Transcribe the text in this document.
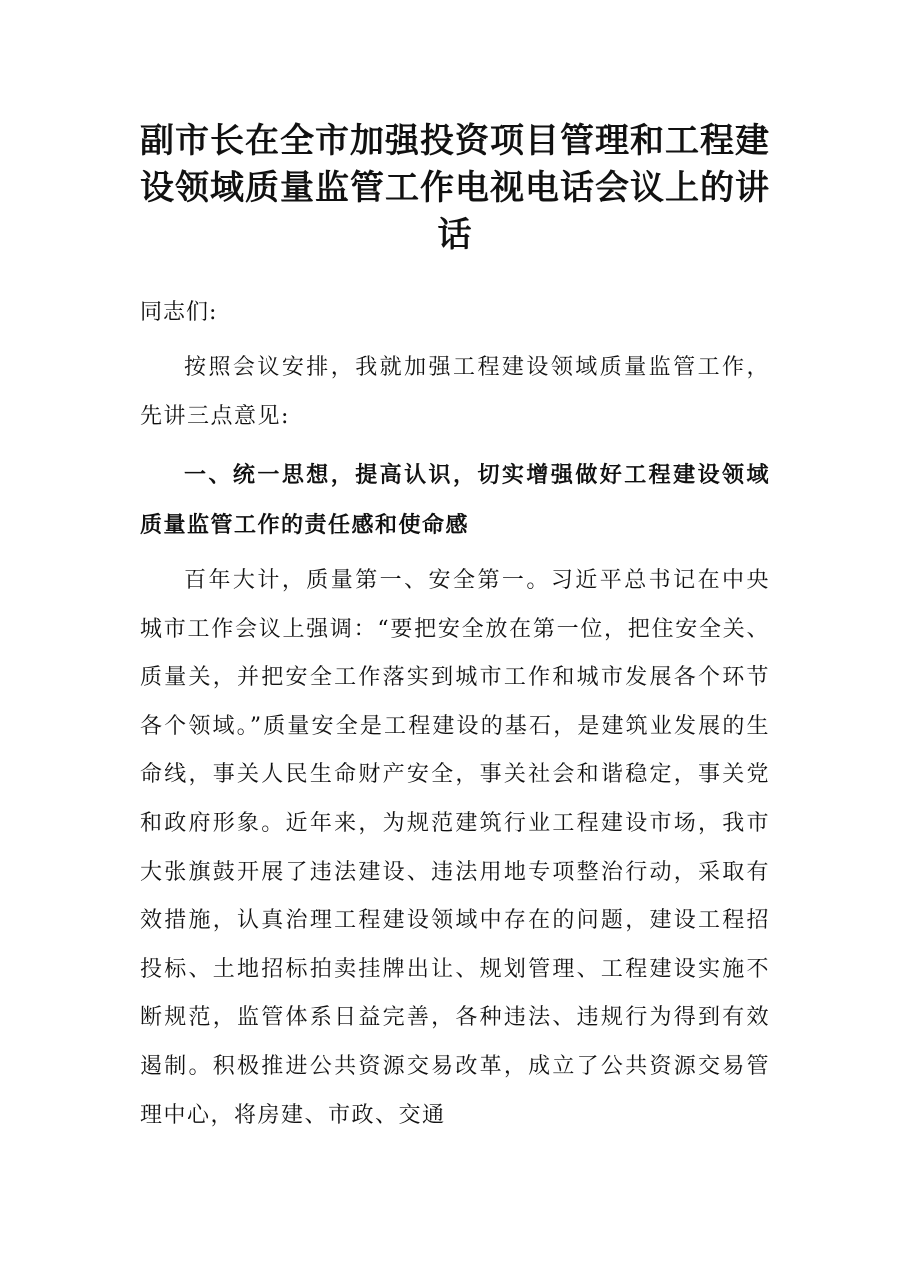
副市长在全市加强投资项目管理和工程建设领域质量监管工作电视电话会议上的讲话

同志们:

按照会议安排，我就加强工程建设领域质量监管工作，先讲三点意见:

一、统一思想，提高认识，切实增强做好工程建设领域质量监管工作的责任感和使命感

百年大计，质量第一、安全第一。习近平总书记在中央城市工作会议上强调：“要把安全放在第一位，把住安全关、质量关，并把安全工作落实到城市工作和城市发展各个环节各个领域。”质量安全是工程建设的基石，是建筑业发展的生命线，事关人民生命财产安全，事关社会和谐稳定，事关党和政府形象。近年来，为规范建筑行业工程建设市场，我市大张旗鼓开展了违法建设、违法用地专项整治行动，采取有效措施，认真治理工程建设领域中存在的问题，建设工程招投标、土地招标拍卖挂牌出让、规划管理、工程建设实施不断规范，监管体系日益完善，各种违法、违规行为得到有效遏制。积极推进公共资源交易改革，成立了公共资源交易管理中心，将房建、市政、交通
